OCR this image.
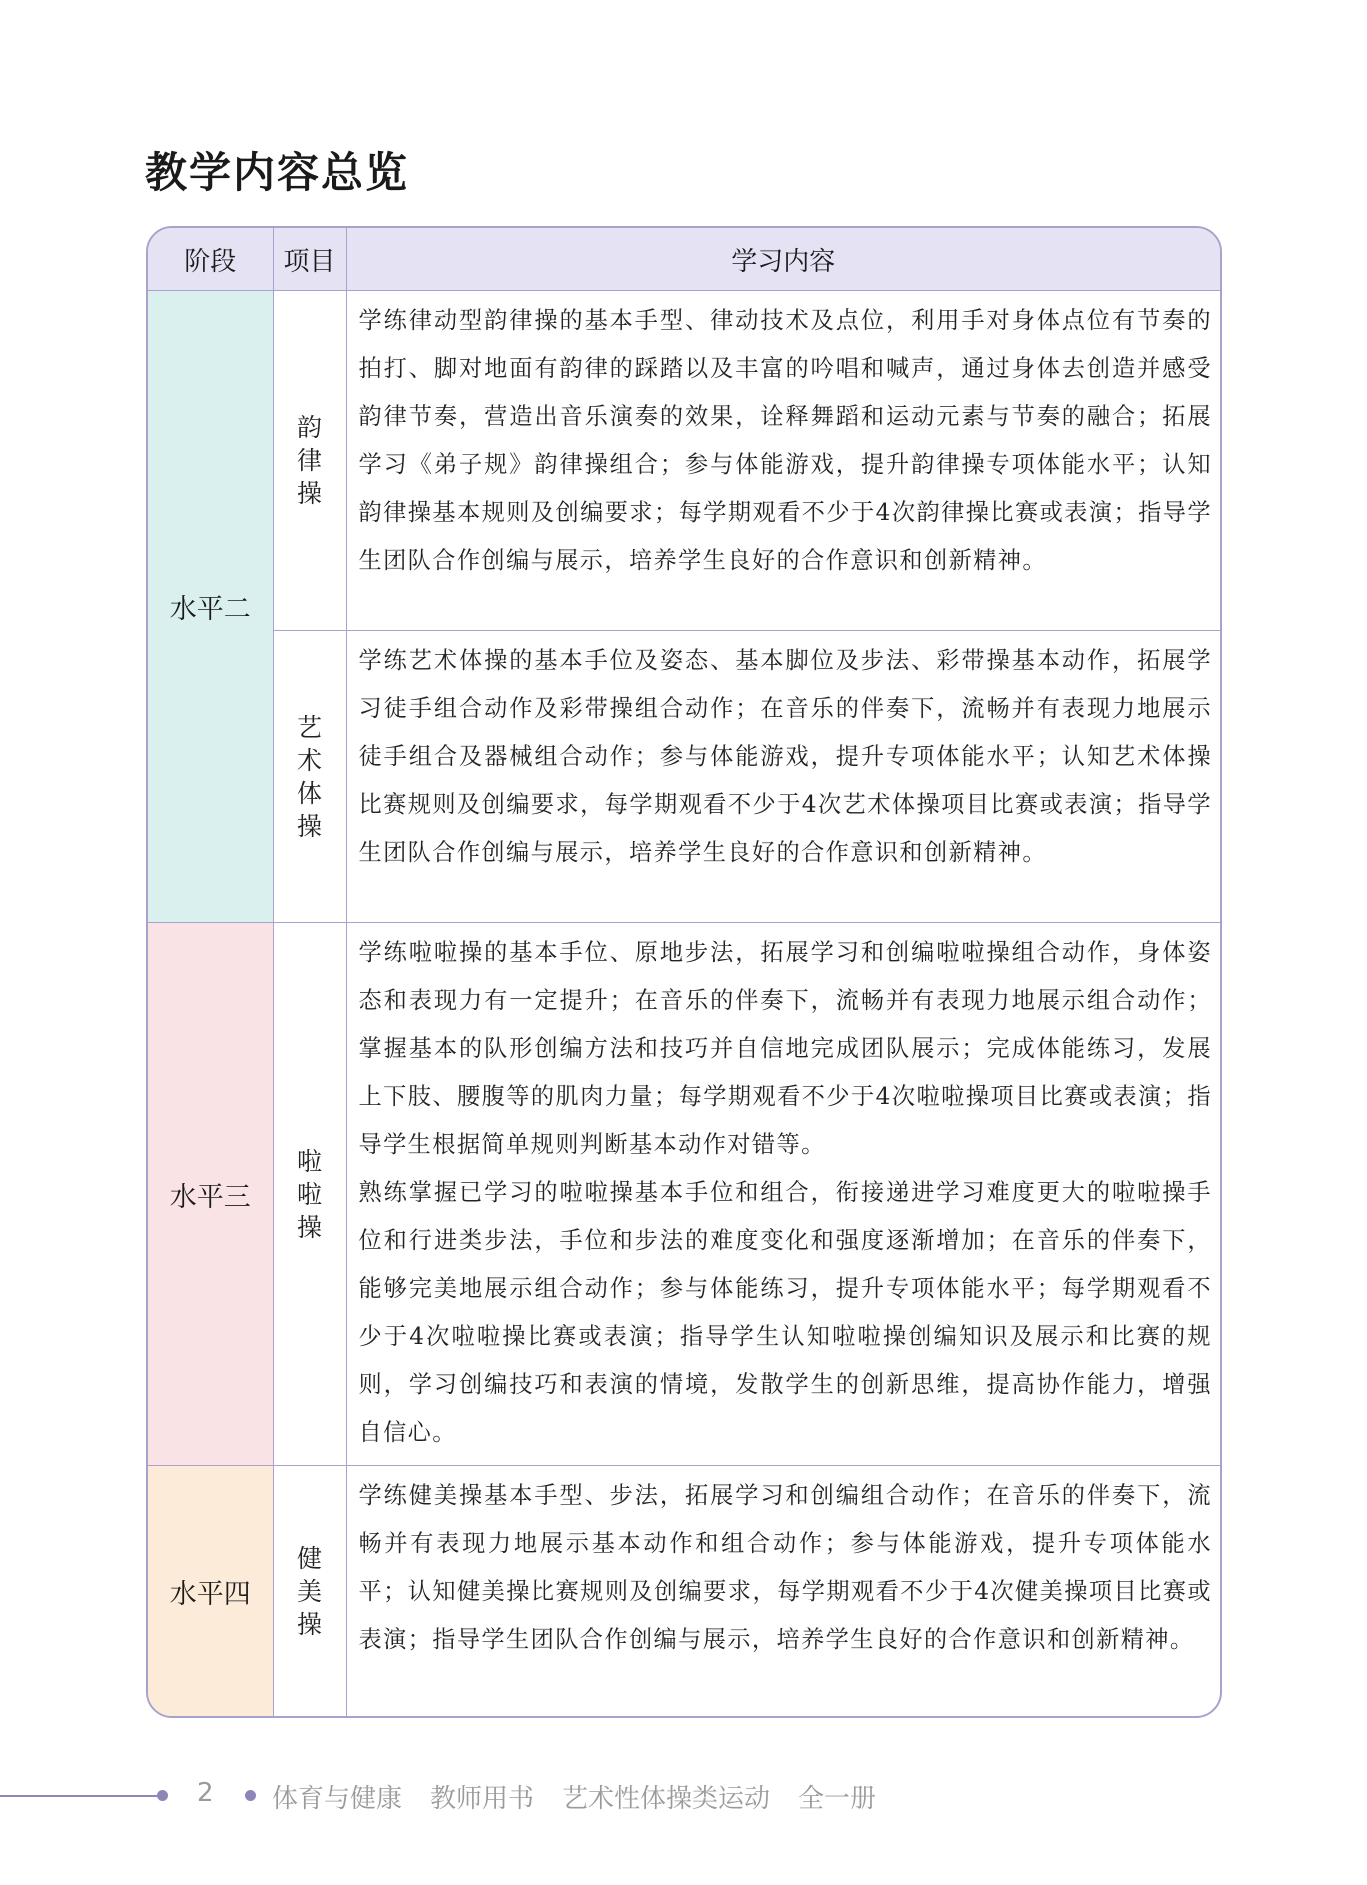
教学内容总览
阶段	项目	学习内容
水平二	韵律操	学练律动型韵律操的基本手型、律动技术及点位，利用手对身体点位有节奏的拍打、脚对地面有韵律的踩踏以及丰富的吟唱和喊声，通过身体去创造并感受韵律节奏，营造出音乐演奏的效果，诠释舞蹈和运动元素与节奏的融合；拓展学习《弟子规》韵律操组合；参与体能游戏，提升韵律操专项体能水平；认知韵律操基本规则及创编要求；每学期观看不少于4次韵律操比赛或表演；指导学生团队合作创编与展示，培养学生良好的合作意识和创新精神。

	艺术体操	学练艺术体操的基本手位及姿态、基本脚位及步法、彩带操基本动作，拓展学习徒手组合动作及彩带操组合动作；在音乐的伴奏下，流畅并有表现力地展示徒手组合及器械组合动作；参与体能游戏，提升专项体能水平；认知艺术体操比赛规则及创编要求，每学期观看不少于4次艺术体操项目比赛或表演；指导学生团队合作创编与展示，培养学生良好的合作意识和创新精神。

水平三	啦啦操	学练啦啦操的基本手位、原地步法，拓展学习和创编啦啦操组合动作，身体姿态和表现力有一定提升；在音乐的伴奏下，流畅并有表现力地展示组合动作；掌握基本的队形创编方法和技巧并自信地完成团队展示；完成体能练习，发展上下肢、腰腹等的肌肉力量；每学期观看不少于4次啦啦操项目比赛或表演；指导学生根据简单规则判断基本动作对错等。

熟练掌握已学习的啦啦操基本手位和组合，衔接递进学习难度更大的啦啦操手位和行进类步法，手位和步法的难度变化和强度逐渐增加；在音乐的伴奏下，能够完美地展示组合动作；参与体能练习，提升专项体能水平；每学期观看不少于4次啦啦操比赛或表演；指导学生认知啦啦操创编知识及展示和比赛的规则，学习创编技巧和表演的情境，发散学生的创新思维，提高协作能力，增强自信心。

水平四	健美操	学练健美操基本手型、步法，拓展学习和创编组合动作；在音乐的伴奏下，流畅并有表现力地展示基本动作和组合动作；参与体能游戏，提升专项体能水平；认知健美操比赛规则及创编要求，每学期观看不少于4次健美操项目比赛或表演；指导学生团队合作创编与展示，培养学生良好的合作意识和创新精神。

2 体育与健康 教师用书 艺术性体操类运动 全一册
